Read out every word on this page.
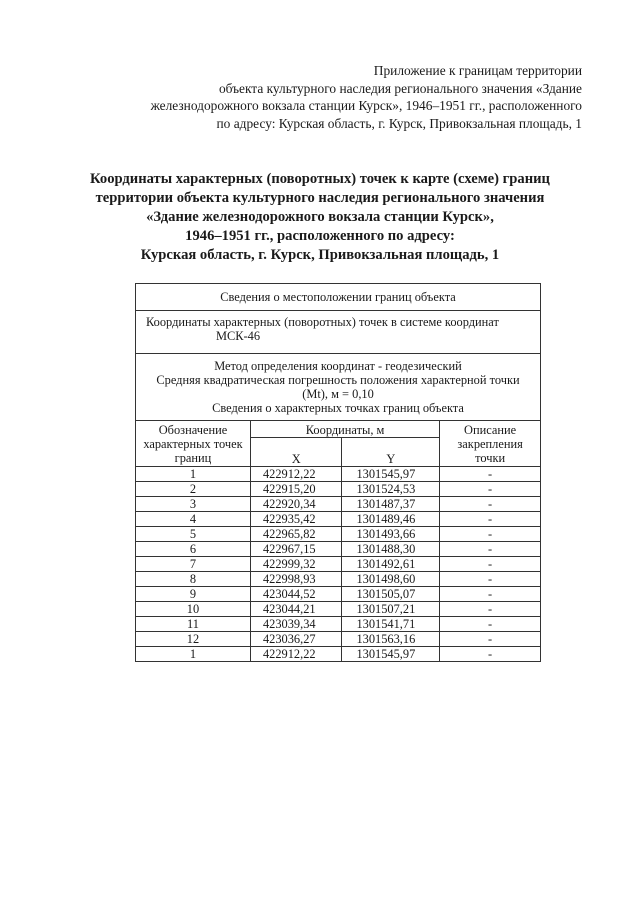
Приложение к границам территории
объекта культурного наследия регионального значения «Здание
железнодорожного вокзала станции Курск», 1946–1951 гг., расположенного
по адресу: Курская область, г. Курск, Привокзальная площадь, 1
Координаты характерных (поворотных) точек к карте (схеме) границ
территории объекта культурного наследия регионального значения
«Здание железнодорожного вокзала станции Курск»,
1946–1951 гг., расположенного по адресу:
Курская область, г. Курск, Привокзальная площадь, 1
Сведения о местоположении границ объекта			

Координаты характерных (поворотных) точек в системе координат
МСК-46			

Метод определения координат - геодезический
Средняя квадратическая погрешность положения характерной точки
(Mt), м = 0,10
Сведения о характерных точках границ объекта			

Обозначение характерных точек границ	Координаты, м		Описание закрепления точки
	X	Y	
1	422912,22	1301545,97	-
2	422915,20	1301524,53	-
3	422920,34	1301487,37	-
4	422935,42	1301489,46	-
5	422965,82	1301493,66	-
6	422967,15	1301488,30	-
7	422999,32	1301492,61	-
8	422998,93	1301498,60	-
9	423044,52	1301505,07	-
10	423044,21	1301507,21	-
11	423039,34	1301541,71	-
12	423036,27	1301563,16	-
1	422912,22	1301545,97	-
